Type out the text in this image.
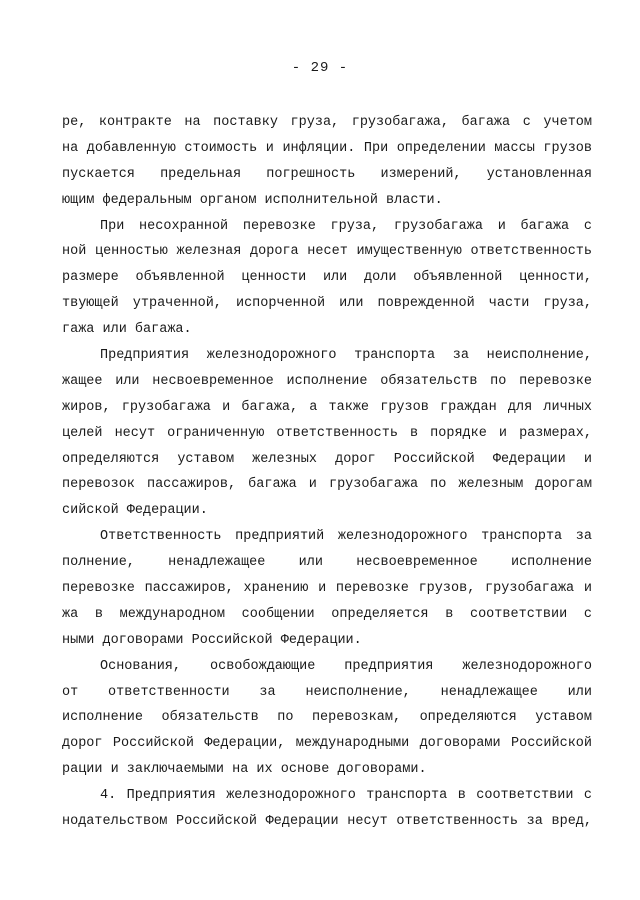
- 29 -
ре, контракте на поставку груза, грузобагажа, багажа с учетом
на добавленную стоимость и инфляции. При определении массы грузов
пускается предельная погрешность измерений, установленная
ющим федеральным органом исполнительной власти.
При несохранной перевозке груза, грузобагажа и багажа с
ной ценностью железная дорога несет имущественную ответственность
размере объявленной ценности или доли объявленной ценности,
твующей утраченной, испорченной или поврежденной части груза,
гажа или багажа.
Предприятия железнодорожного транспорта за неисполнение,
жащее или несвоевременное исполнение обязательств по перевозке
жиров, грузобагажа и багажа, а также грузов граждан для личных
целей несут ограниченную ответственность в порядке и размерах,
определяются уставом железных дорог Российской Федерации и
перевозок пассажиров, багажа и грузобагажа по железным дорогам
сийской Федерации.
Ответственность предприятий железнодорожного транспорта за
полнение, ненадлежащее или несвоевременное исполнение
перевозке пассажиров, хранению и перевозке грузов, грузобагажа и
жа в международном сообщении определяется в соответствии с
ными договорами Российской Федерации.
Основания, освобождающие предприятия железнодорожного
от ответственности за неисполнение, ненадлежащее или
исполнение обязательств по перевозкам, определяются уставом
дорог Российской Федерации, международными договорами Российской
рации и заключаемыми на их основе договорами.
4. Предприятия железнодорожного транспорта в соответствии с
нодательством Российской Федерации несут ответственность за вред,
